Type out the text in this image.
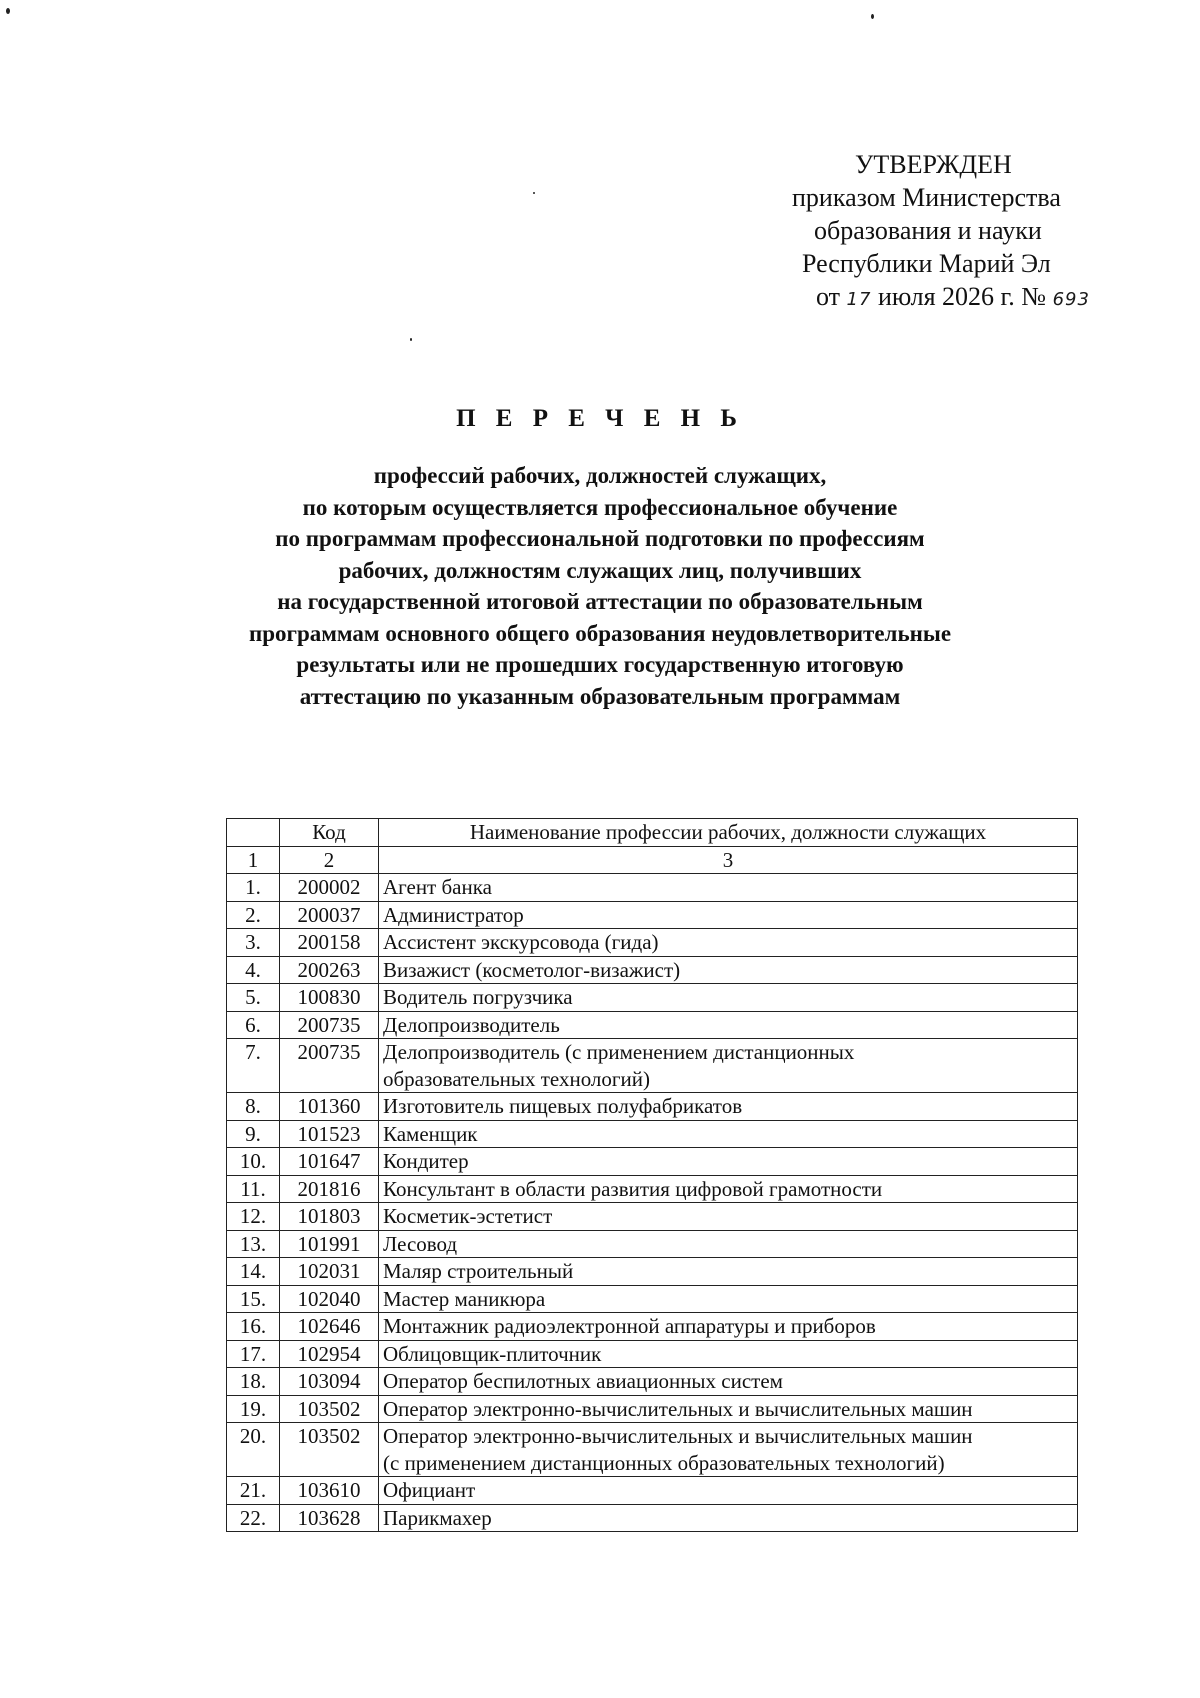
УТВЕРЖДЕН
приказом Министерства
образования и науки
Республики Марий Эл
от 17 июля 2026 г. № 693
П Е Р Е Ч Е Н Ь
профессий рабочих, должностей служащих,
по которым осуществляется профессиональное обучение
по программам профессиональной подготовки по профессиям
рабочих, должностям служащих лиц, получивших
на государственной итоговой аттестации по образовательным
программам основного общего образования неудовлетворительные
результаты или не прошедших государственную итоговую
аттестацию по указанным образовательным программам
	Код	Наименование профессии рабочих, должности служащих
1	2	3
1.	200002	Агент банка

2.	200037	Администратор

3.	200158	Ассистент экскурсовода (гида)

4.	200263	Визажист (косметолог-визажист)

5.	100830	Водитель погрузчика

6.	200735	Делопроизводитель

7.	200735	Делопроизводитель (с применением дистанционных
образовательных технологий)

8.	101360	Изготовитель пищевых полуфабрикатов

9.	101523	Каменщик

10.	101647	Кондитер

11.	201816	Консультант в области развития цифровой грамотности

12.	101803	Косметик-эстетист

13.	101991	Лесовод

14.	102031	Маляр строительный

15.	102040	Мастер маникюра

16.	102646	Монтажник радиоэлектронной аппаратуры и приборов

17.	102954	Облицовщик-плиточник

18.	103094	Оператор беспилотных авиационных систем

19.	103502	Оператор электронно-вычислительных и вычислительных машин

20.	103502	Оператор электронно-вычислительных и вычислительных машин
(с применением дистанционных образовательных технологий)

21.	103610	Официант

22.	103628	Парикмахер
